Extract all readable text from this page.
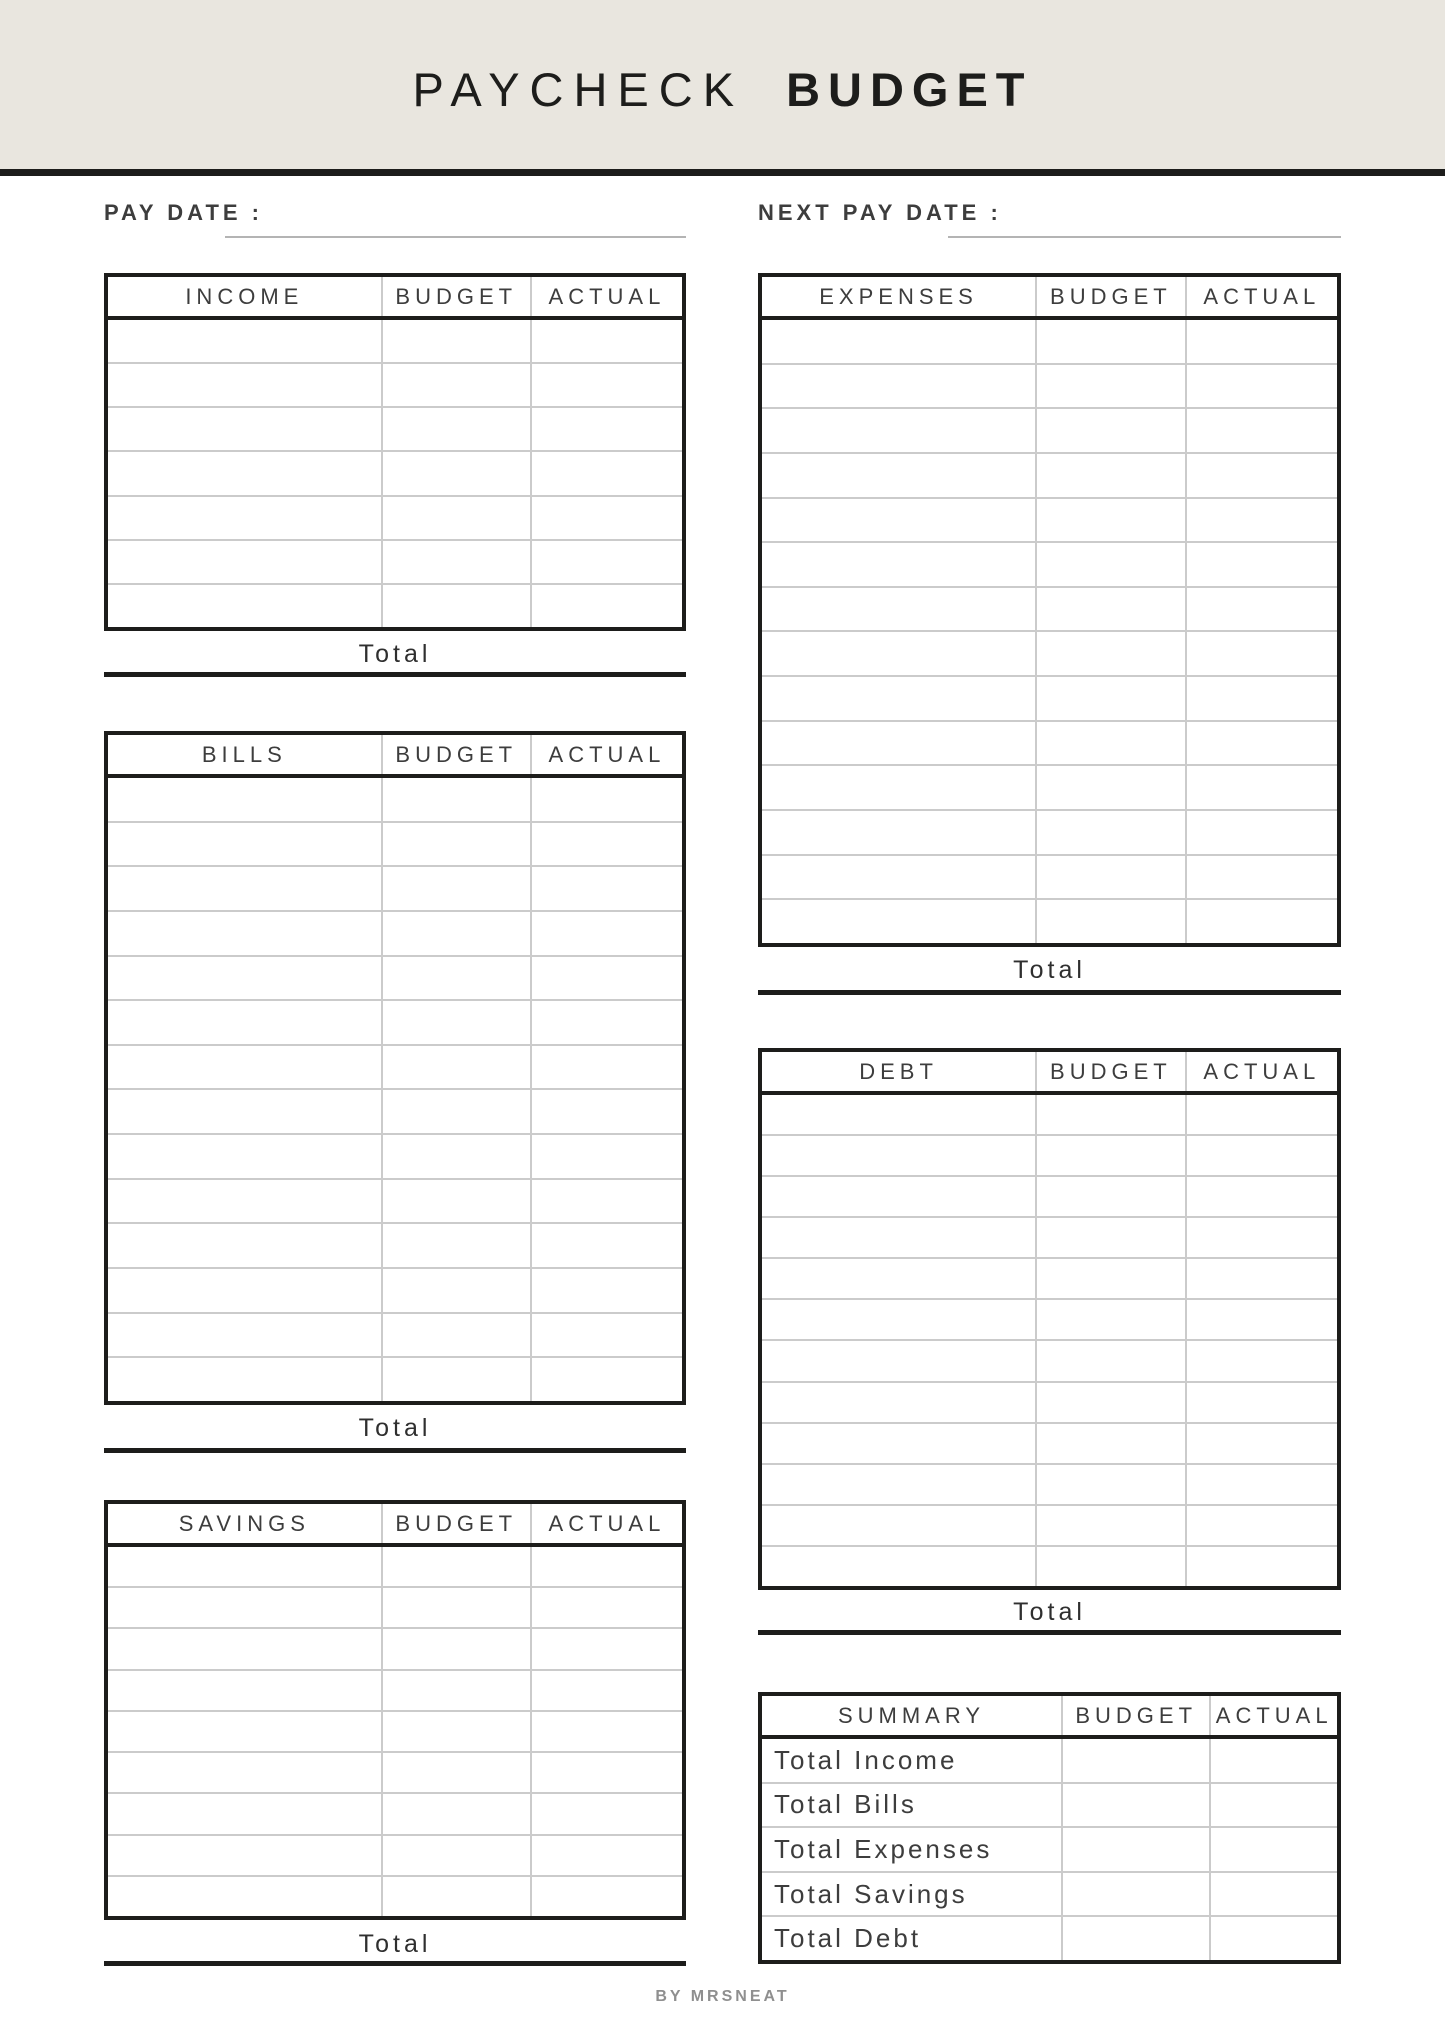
PAYCHECK BUDGET
PAY DATE :	NEXT PAY DATE :
INCOME	BUDGET ACTUAL
Total
BILLS	BUDGET ACTUAL
Total
SAVINGS	BUDGET ACTUAL
Total
EXPENSES	BUDGET ACTUAL
Total
DEBT	BUDGET ACTUAL
Total
SUMMARY	BUDGET ACTUAL
Total Income
Total Bills
Total Expenses
Total Savings
Total Debt
BY MRSNEAT
